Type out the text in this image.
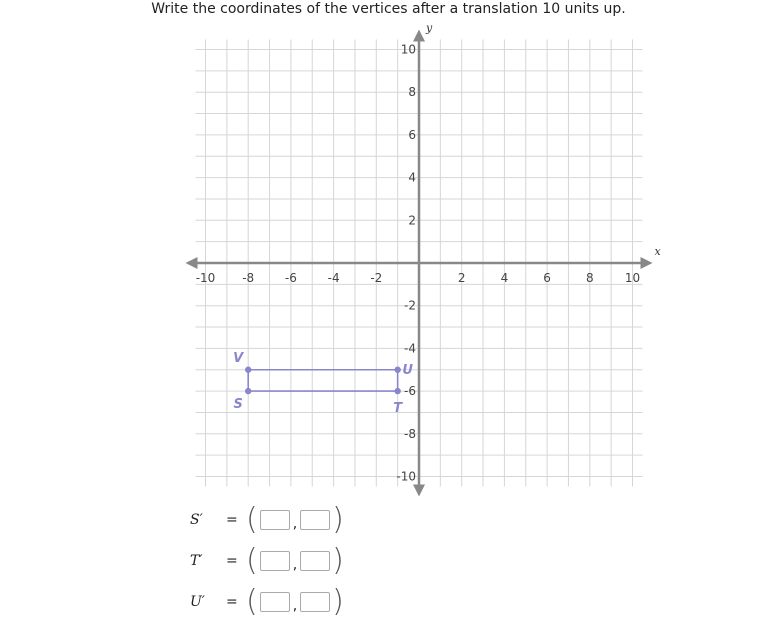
Write the coordinates of the vertices after a translation 10 units up.
x
y
-10 -8	-6	-4	-2	2	4	6	8	10
10
8
6
4
2
-2
-4
-6
-8
-10
V
U
T
S
S′	= (	, )
T′	= (	, )
U′	= (	, )
